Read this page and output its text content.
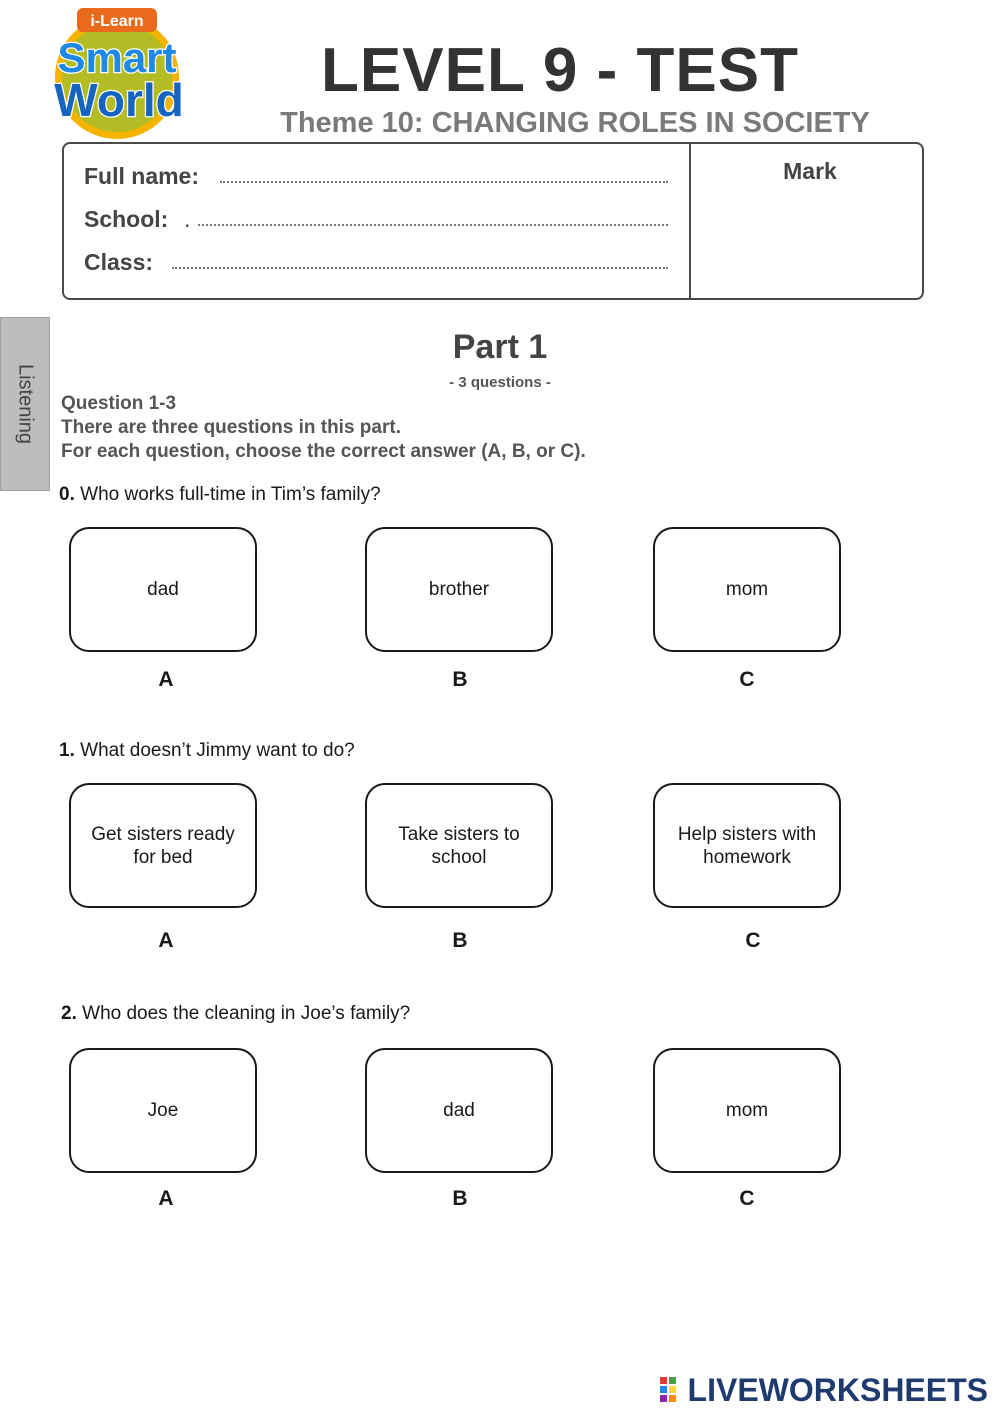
i-Learn
Smart
World	LEVEL 9 - TEST
Theme 10: CHANGING ROLES IN SOCIETY
Full name:
School: .
Class:
Mark
Listening
Part 1
- 3 questions -
Question 1-3
There are three questions in this part.
For each question, choose the correct answer (A, B, or C).
0. Who works full-time in Tim’s family?
dad	brother	mom
A	B	C
1. What doesn’t Jimmy want to do?
Get sisters ready for bed
Take sisters to school
Help sisters with homework
A	B	C
2. Who does the cleaning in Joe’s family?
Joe	dad	mom
A	B	C
LIVEWORKSHEETS
